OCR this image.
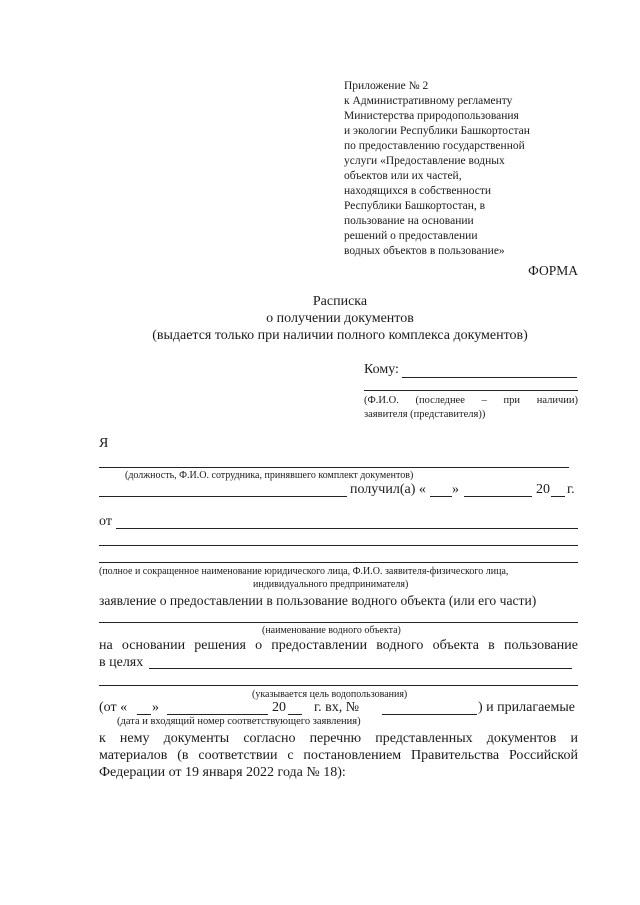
Приложение № 2
к Административному регламенту
Министерства природопользования
и экологии Республики Башкортостан
по предоставлению государственной
услуги «Предоставление водных
объектов или их частей,
находящихся в собственности
Республики Башкортостан, в
пользование на основании
решений о предоставлении
водных объектов в пользование»
ФОРМА
Расписка
о получении документов
(выдается только при наличии полного комплекса документов)
Кому:
(Ф.И.О. (последнее – при наличии)
заявителя (представителя))
Я
(должность, Ф.И.О. сотрудника, принявшего комплект документов)
получил(а) « »	20 г.
от
(полное и сокращенное наименование юридического лица, Ф.И.О. заявителя-физического лица,
индивидуального предпринимателя)
заявление о предоставлении в пользование водного объекта (или его части)
(наименование водного объекта)
на основании решения о предоставлении водного объекта в пользование
в целях
(указывается цель водопользования)
(от « »	20 г. вх, №	) и прилагаемые
(дата и входящий номер соответствующего заявления)
к нему документы согласно перечню представленных документов и
материалов (в соответствии с постановлением Правительства Российской
Федерации от 19 января 2022 года № 18):
